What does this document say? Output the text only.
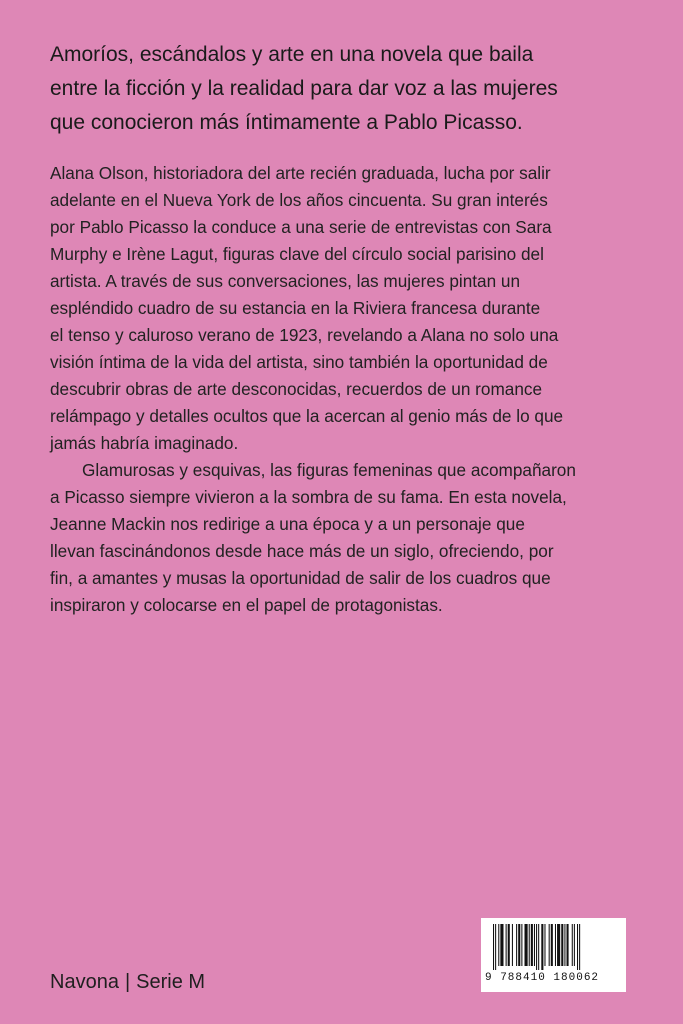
Amoríos, escándalos y arte en una novela que baila
entre la ficción y la realidad para dar voz a las mujeres
que conocieron más íntimamente a Pablo Picasso.
Alana Olson, historiadora del arte recién graduada, lucha por salir
adelante en el Nueva York de los años cincuenta. Su gran interés
por Pablo Picasso la conduce a una serie de entrevistas con Sara
Murphy e Irène Lagut, figuras clave del círculo social parisino del
artista. A través de sus conversaciones, las mujeres pintan un
espléndido cuadro de su estancia en la Riviera francesa durante
el tenso y caluroso verano de 1923, revelando a Alana no solo una
visión íntima de la vida del artista, sino también la oportunidad de
descubrir obras de arte desconocidas, recuerdos de un romance
relámpago y detalles ocultos que la acercan al genio más de lo que
jamás habría imaginado.
Glamurosas y esquivas, las figuras femeninas que acompañaron
a Picasso siempre vivieron a la sombra de su fama. En esta novela,
Jeanne Mackin nos redirige a una época y a un personaje que
llevan fascinándonos desde hace más de un siglo, ofreciendo, por
fin, a amantes y musas la oportunidad de salir de los cuadros que
inspiraron y colocarse en el papel de protagonistas.
Navona | Serie M	9 788410 180062
